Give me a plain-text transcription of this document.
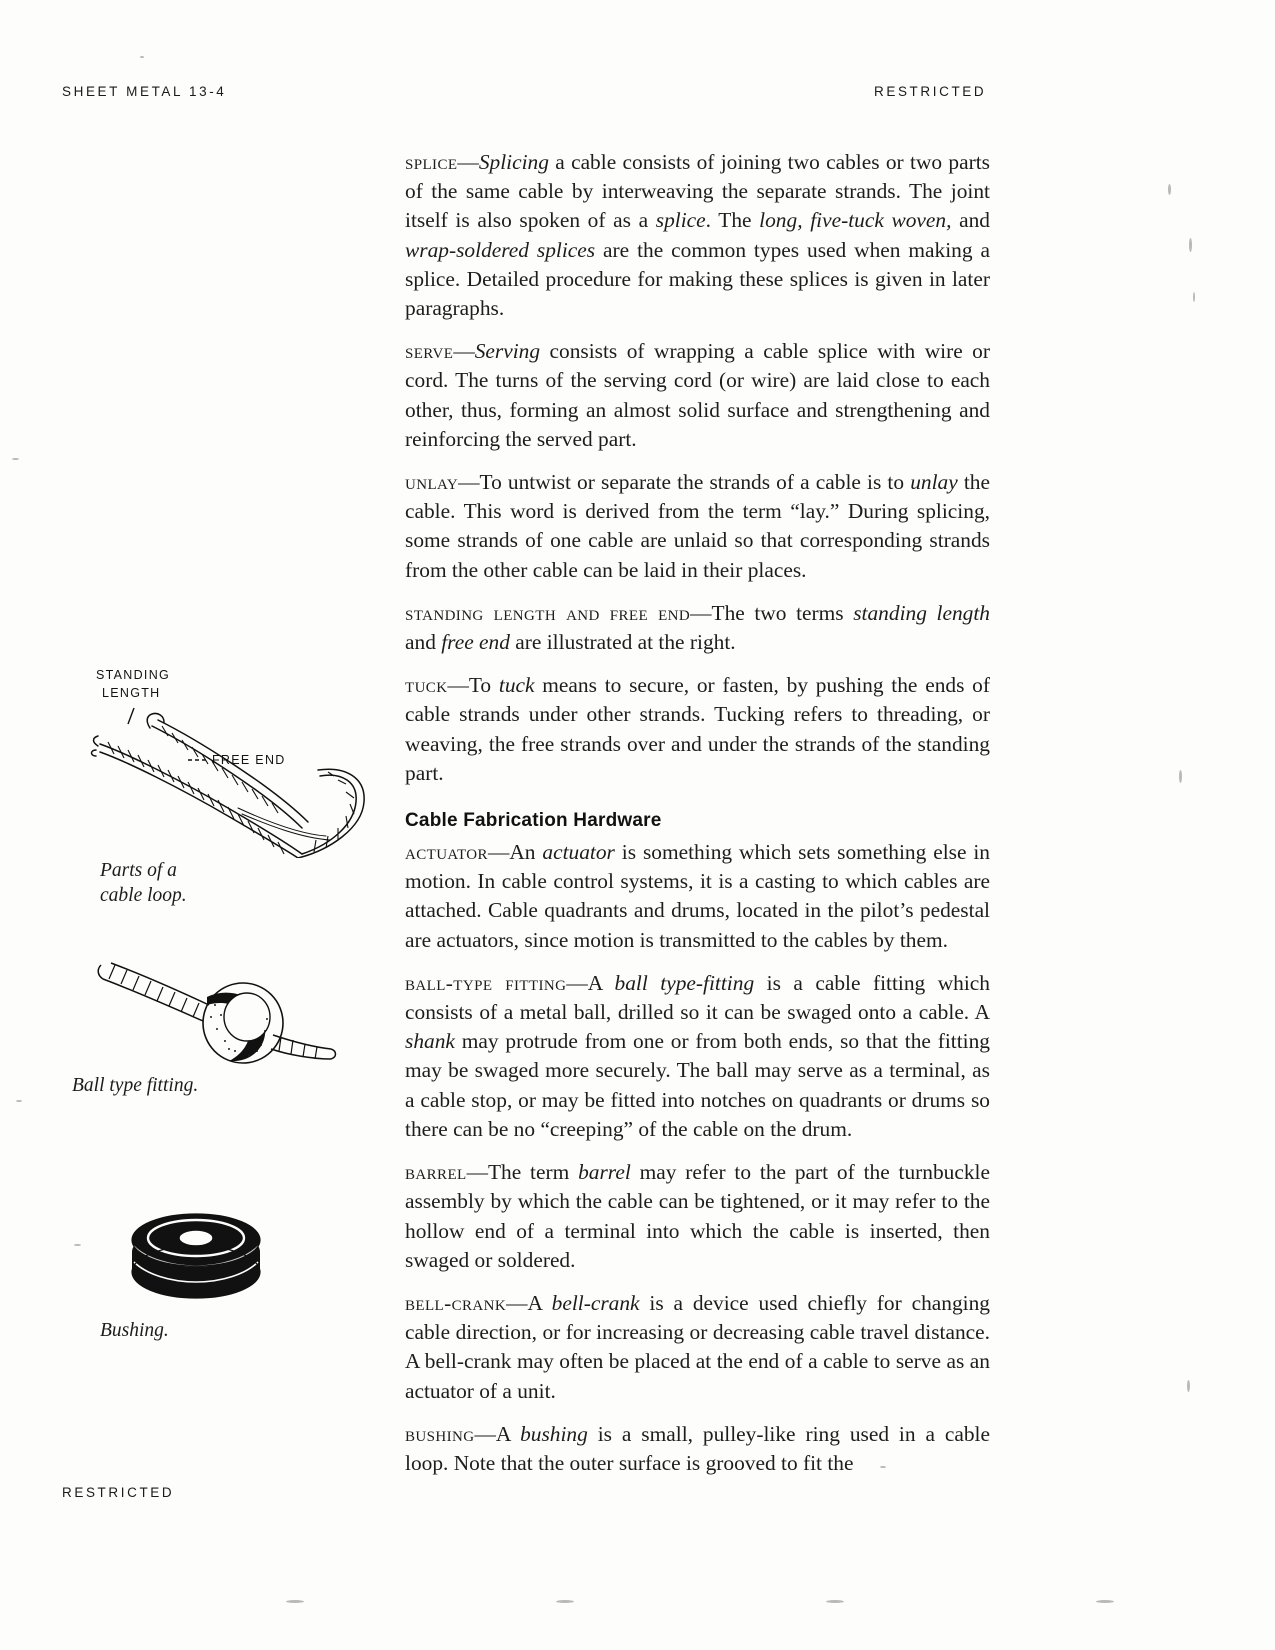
SHEET METAL 13-4	RESTRICTED
RESTRICTED

splice—Splicing a cable consists of joining two cables or two parts of the same cable by interweaving the separate strands. The joint itself is also spoken of as a splice. The long, five-tuck woven, and wrap-soldered splices are the common types used when making a splice. Detailed procedure for making these splices is given in later paragraphs.

serve—Serving consists of wrapping a cable splice with wire or cord. The turns of the serving cord (or wire) are laid close to each other, thus, forming an almost solid surface and strengthening and reinforcing the served part.

unlay—To untwist or separate the strands of a cable is to unlay the cable. This word is derived from the term “lay.” During splicing, some strands of one cable are unlaid so that corresponding strands from the other cable can be laid in their places.

standing length and free end—The two terms standing length and free end are illustrated at the right.

tuck—To tuck means to secure, or fasten, by pushing the ends of cable strands under other strands. Tucking refers to threading, or weaving, the free strands over and under the strands of the standing part.

Cable Fabrication Hardware

actuator—An actuator is something which sets something else in motion. In cable control systems, it is a casting to which cables are attached. Cable quadrants and drums, located in the pilot’s pedestal are actuators, since motion is transmitted to the cables by them.

ball-type fitting—A ball type-fitting is a cable fitting which consists of a metal ball, drilled so it can be swaged onto a cable. A shank may protrude from one or from both ends, so that the fitting may be swaged more securely. The ball may serve as a terminal, as a cable stop, or may be fitted into notches on quadrants or drums so there can be no “creeping” of the cable on the drum.

barrel—The term barrel may refer to the part of the turnbuckle assembly by which the cable can be tightened, or it may refer to the hollow end of a terminal into which the cable is inserted, then swaged or soldered.

bell-crank—A bell-crank is a device used chiefly for changing cable direction, or for increasing or decreasing cable travel distance. A bell-crank may often be placed at the end of a cable to serve as an actuator of a unit.

bushing—A bushing is a small, pulley-like ring used in a cable loop. Note that the outer surface is grooved to fit the

STANDING
LENGTH
FREE END
Parts of a
cable loop.
Ball type fitting.
Bushing.
